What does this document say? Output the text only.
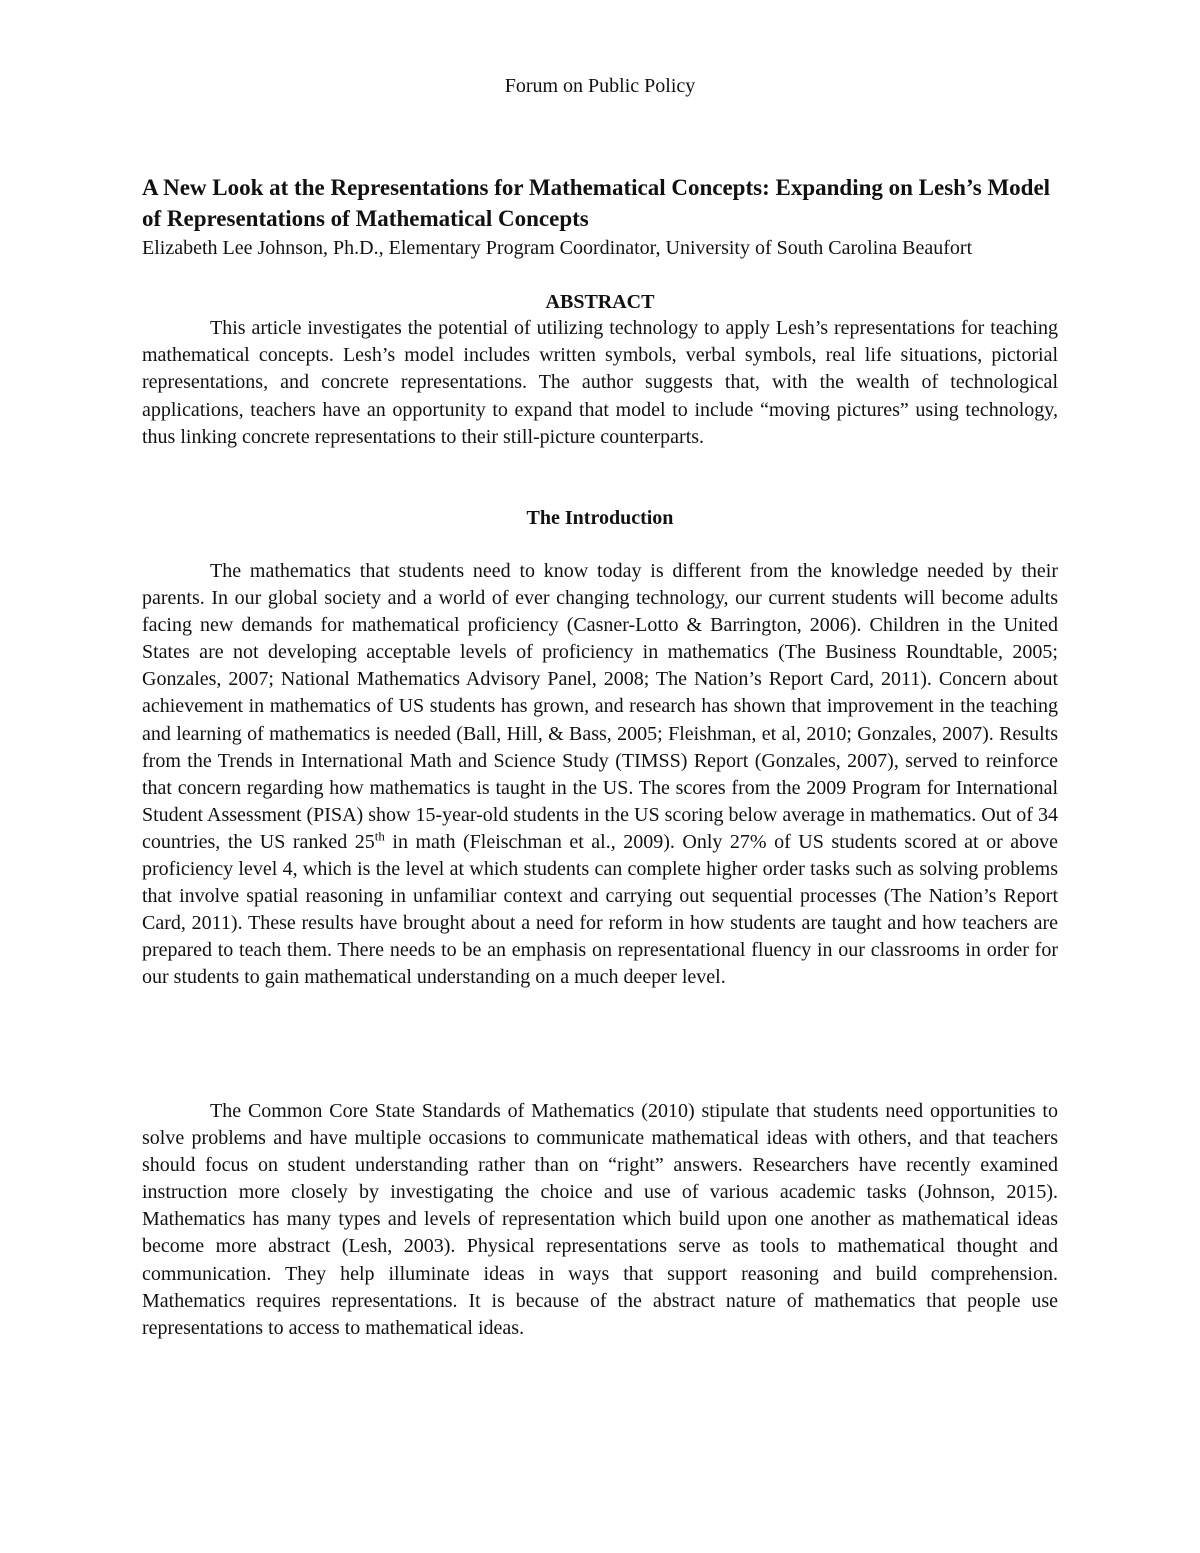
Forum on Public Policy
A New Look at the Representations for Mathematical Concepts: Expanding on Lesh’s Model of Representations of Mathematical Concepts

Elizabeth Lee Johnson, Ph.D., Elementary Program Coordinator, University of South Carolina Beaufort

ABSTRACT

This article investigates the potential of utilizing technology to apply Lesh’s representations for teaching mathematical concepts. Lesh’s model includes written symbols, verbal symbols, real life situations, pictorial representations, and concrete representations. The author suggests that, with the wealth of technological applications, teachers have an opportunity to expand that model to include “moving pictures” using technology, thus linking concrete representations to their still-picture counterparts.

The Introduction

The mathematics that students need to know today is different from the knowledge needed by their parents. In our global society and a world of ever changing technology, our current students will become adults facing new demands for mathematical proficiency (Casner-Lotto & Barrington, 2006). Children in the United States are not developing acceptable levels of proficiency in mathematics (The Business Roundtable, 2005; Gonzales, 2007; National Mathematics Advisory Panel, 2008; The Nation’s Report Card, 2011). Concern about achievement in mathematics of US students has grown, and research has shown that improvement in the teaching and learning of mathematics is needed (Ball, Hill, & Bass, 2005; Fleishman, et al, 2010; Gonzales, 2007). Results from the Trends in International Math and Science Study (TIMSS) Report (Gonzales, 2007), served to reinforce that concern regarding how mathematics is taught in the US. The scores from the 2009 Program for International Student Assessment (PISA) show 15-year-old students in the US scoring below average in mathematics. Out of 34 countries, the US ranked 25th in math (Fleischman et al., 2009). Only 27% of US students scored at or above proficiency level 4, which is the level at which students can complete higher order tasks such as solving problems that involve spatial reasoning in unfamiliar context and carrying out sequential processes (The Nation’s Report Card, 2011). These results have brought about a need for reform in how students are taught and how teachers are prepared to teach them. There needs to be an emphasis on representational fluency in our classrooms in order for our students to gain mathematical understanding on a much deeper level.

The Common Core State Standards of Mathematics (2010) stipulate that students need opportunities to solve problems and have multiple occasions to communicate mathematical ideas with others, and that teachers should focus on student understanding rather than on “right” answers. Researchers have recently examined instruction more closely by investigating the choice and use of various academic tasks (Johnson, 2015). Mathematics has many types and levels of representation which build upon one another as mathematical ideas become more abstract (Lesh, 2003). Physical representations serve as tools to mathematical thought and communication. They help illuminate ideas in ways that support reasoning and build comprehension. Mathematics requires representations. It is because of the abstract nature of mathematics that people use representations to access to mathematical ideas.
